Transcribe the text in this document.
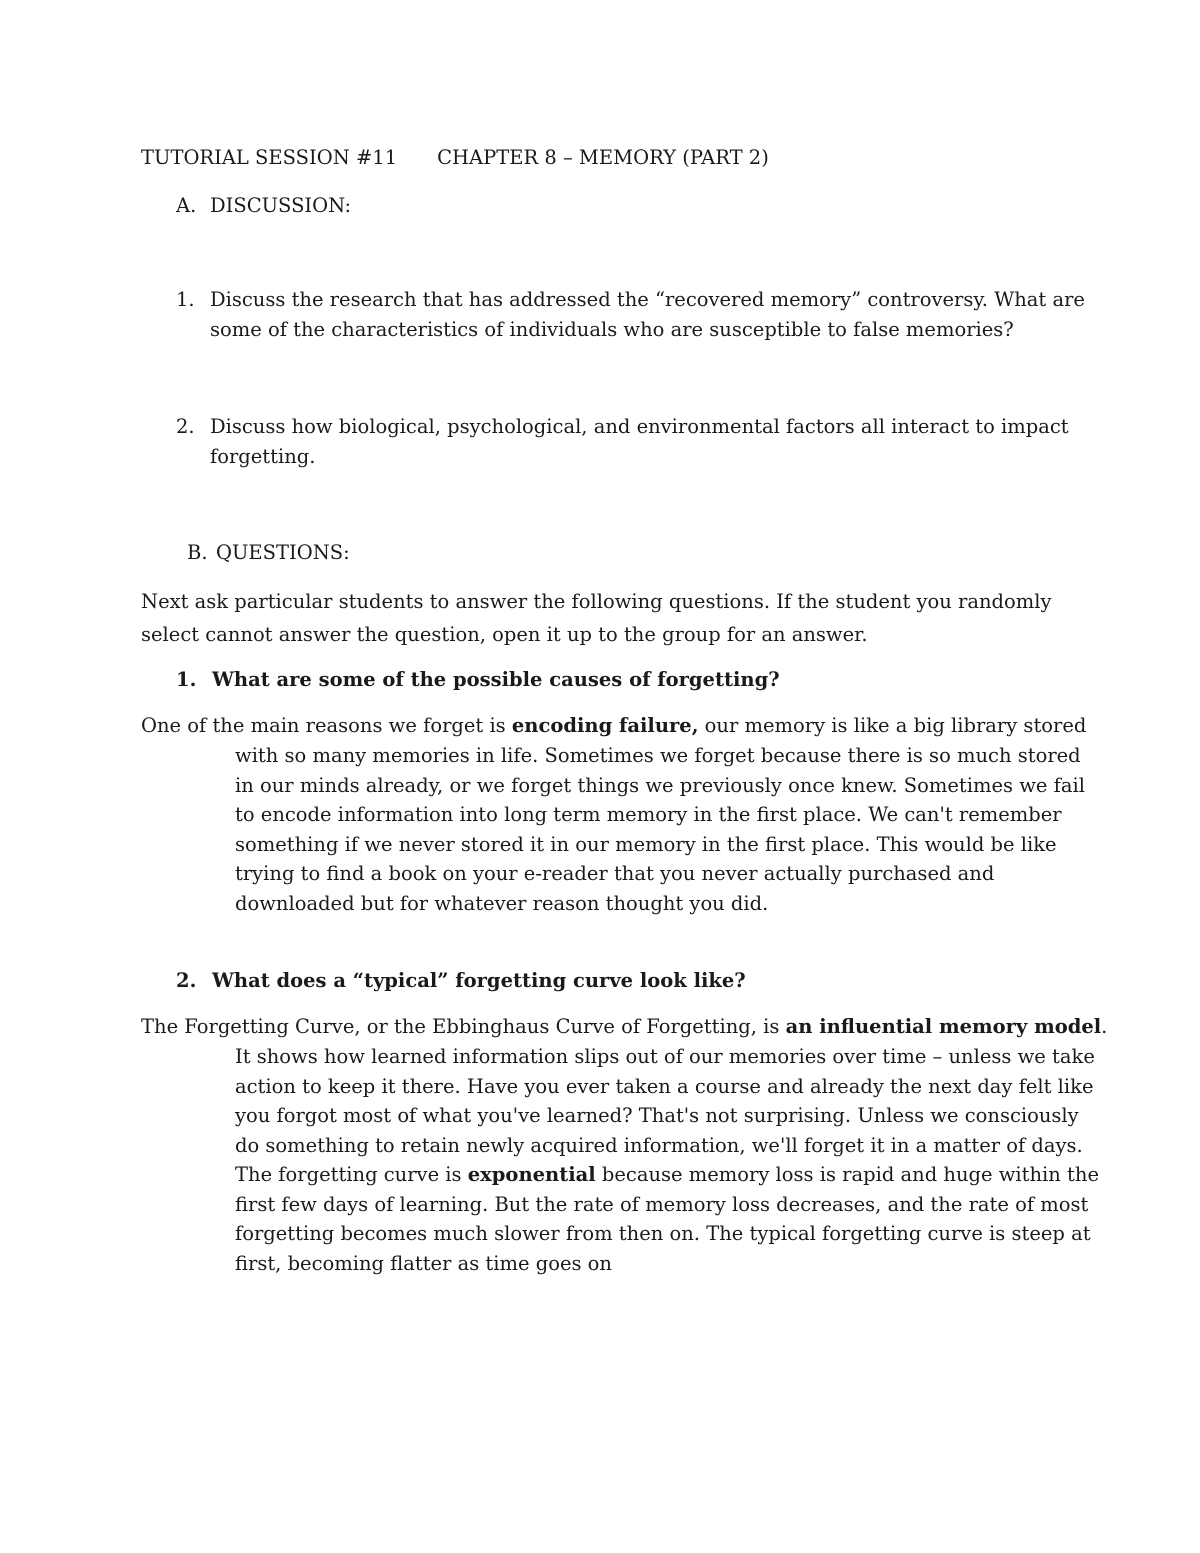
TUTORIAL SESSION #11 CHAPTER 8 – MEMORY (PART 2)
A. DISCUSSION:
1. Discuss the research that has addressed the “recovered memory” controversy. What are
some of the characteristics of individuals who are susceptible to false memories?
2. Discuss how biological, psychological, and environmental factors all interact to impact
forgetting.
B. QUESTIONS:
Next ask particular students to answer the following questions. If the student you randomly
select cannot answer the question, open it up to the group for an answer.
1. What are some of the possible causes of forgetting?
One of the main reasons we forget is encoding failure, our memory is like a big library stored
with so many memories in life. Sometimes we forget because there is so much stored
in our minds already, or we forget things we previously once knew. Sometimes we fail
to encode information into long term memory in the first place. We can't remember
something if we never stored it in our memory in the first place. This would be like
trying to find a book on your e-reader that you never actually purchased and
downloaded but for whatever reason thought you did.
2. What does a “typical” forgetting curve look like?
The Forgetting Curve, or the Ebbinghaus Curve of Forgetting, is an influential memory model.
It shows how learned information slips out of our memories over time – unless we take
action to keep it there. Have you ever taken a course and already the next day felt like
you forgot most of what you've learned? That's not surprising. Unless we consciously
do something to retain newly acquired information, we'll forget it in a matter of days.
The forgetting curve is exponential because memory loss is rapid and huge within the
first few days of learning. But the rate of memory loss decreases, and the rate of most
forgetting becomes much slower from then on. The typical forgetting curve is steep at
first, becoming flatter as time goes on
